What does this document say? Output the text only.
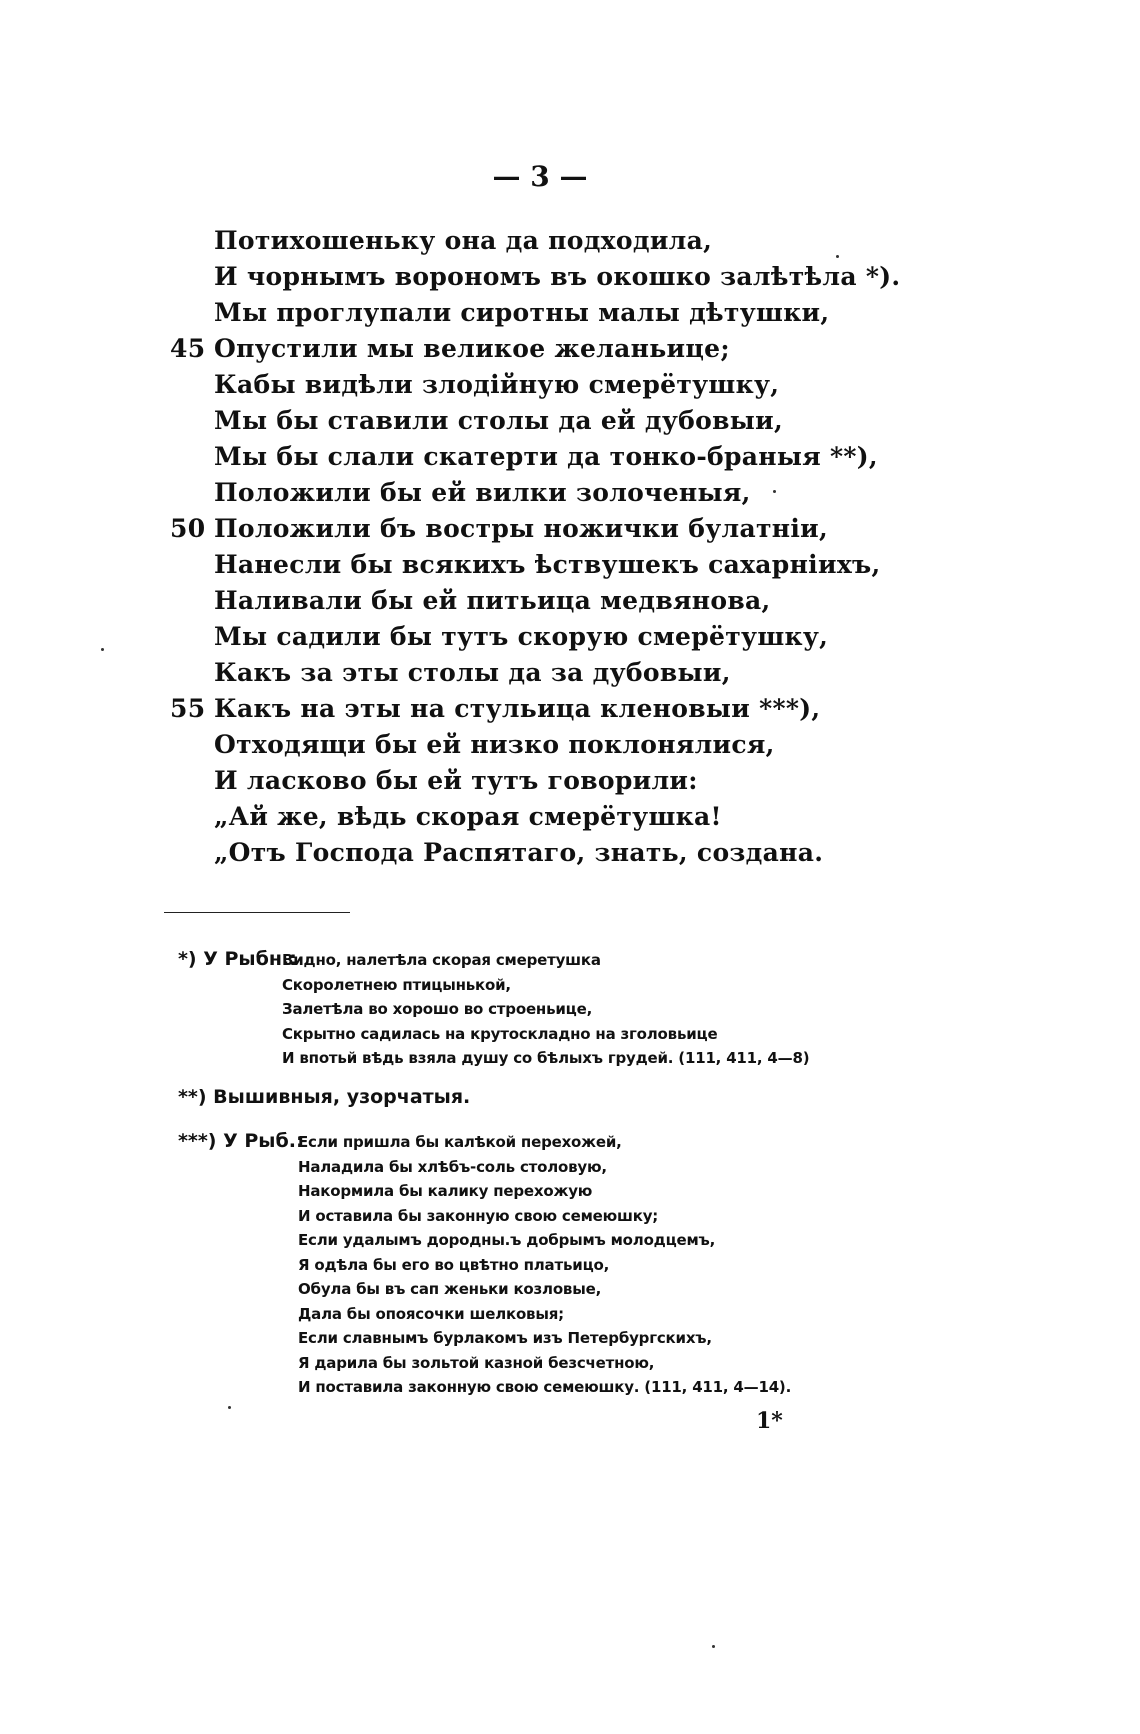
— 3 —
Потихошеньку она да подходила,
И чорнымъ ворономъ въ окошко залѣтѣла *).
Мы проглупали сиротны малы дѣтушки,
45 Опустили мы великое желаньице;
Кабы видѣли злодійную смерётушку,
Мы бы ставили столы да ей дубовыи,
Мы бы слали скатерти да тонко-браныя **),
Положили бы ей вилки золоченыя,
50 Положили бъ востры ножички булатніи,
Нанесли бы всякихъ ѣствушекъ сахарніихъ,
Наливали бы ей питьица медвянова,
Мы садили бы тутъ скорую смерётушку,
Какъ за эты столы да за дубовыи,
55 Какъ на эты на стульица кленовыи ***),
Отходящи бы ей низко поклонялися,
И ласково бы ей тутъ говорили:
„Ай же, вѣдь скорая смерётушка!
„Отъ Господа Распятаго, знать, создана.
*) У Рыбн.:
Видно, налетѣла скорая смеретушка
Скоролетнею птицынькой,
Залетѣла во хорошо во строеньице,
Скрытно садилась на крутоскладно на зголовьице
И впотьй вѣдь взяла душу со бѣлыхъ грудей. (111, 411, 4—8)
**) Вышивныя, узорчатыя.
***) У Рыб.:
Если пришла бы калѣкой перехожей,
Наладила бы хлѣбъ-соль столовую,
Накормила бы калику перехожую
И оставила бы законную свою семеюшку;
Если удалымъ дородны.ъ добрымъ молодцемъ,
Я одѣла бы его во цвѣтно платьицо,
Обула бы въ сап женьки козловые,
Дала бы опоясочки шелковыя;
Если славнымъ бурлакомъ изъ Петербургскихъ,
Я дарила бы зольтой казной безсчетною,
И поставила законную свою семеюшку. (111, 411, 4—14).
1*
